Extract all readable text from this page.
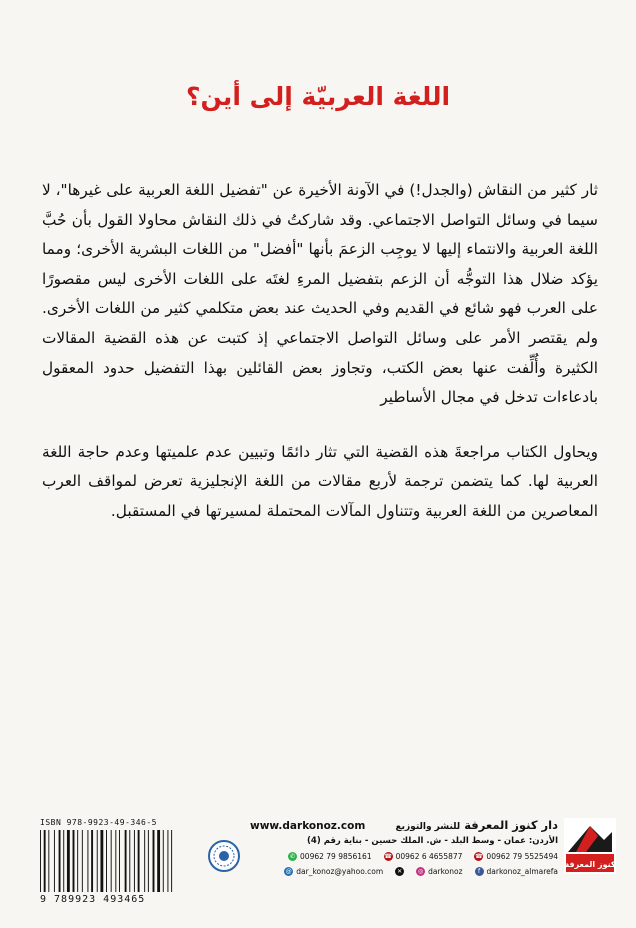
اللغة العربيّة إلى أين؟

ثار كثير من النقاش (والجدل!) في الآونة الأخيرة عن "تفضيل اللغة العربية على غيرها"، لا سيما في وسائل التواصل الاجتماعي. وقد شاركتُ في ذلك النقاش محاولا القول بأن حُبَّ اللغة العربية والانتماء إليها لا يوجِب الزعمَ بأنها "أفضل" من اللغات البشرية الأخرى؛ ومما يؤكد ضلال هذا التوجُّه أن الزعم بتفضيل المرءِ لغتَه على اللغات الأخرى ليس مقصورًا على العرب فهو شائع في القديم وفي الحديث عند بعض متكلمي كثير من اللغات الأخرى. ولم يقتصر الأمر على وسائل التواصل الاجتماعي إذ كتبت عن هذه القضية المقالات الكثيرة وأُلِّفت عنها بعض الكتب، وتجاوز بعض القائلين بهذا التفضيل حدود المعقول بادعاءات تدخل في مجال الأساطير

ويحاول الكتاب مراجعةَ هذه القضية التي تثار دائمًا وتبيين عدم علميتها وعدم حاجة اللغة العربية لها. كما يتضمن ترجمة لأربع مقالات من اللغة الإنجليزية تعرض لمواقف العرب المعاصرين من اللغة العربية وتتناول المآلات المحتملة لمسيرتها في المستقبل.

ISBN 978-9923-49-346-5
9 789923 493465
دار كنوز المعرفة للنشر والتوزيع
www.darkonoz.com
الأردن: عمان - وسط البلد - ش. الملك حسين - بناية رقم (4)
☎ 00962 79 5525494
☎ 00962 6 4655877
✆ 00962 79 9856161
f darkonoz_almarefa
◎ darkonoz
✕
@ dar_konoz@yahoo.com
كنوز المعرفة
